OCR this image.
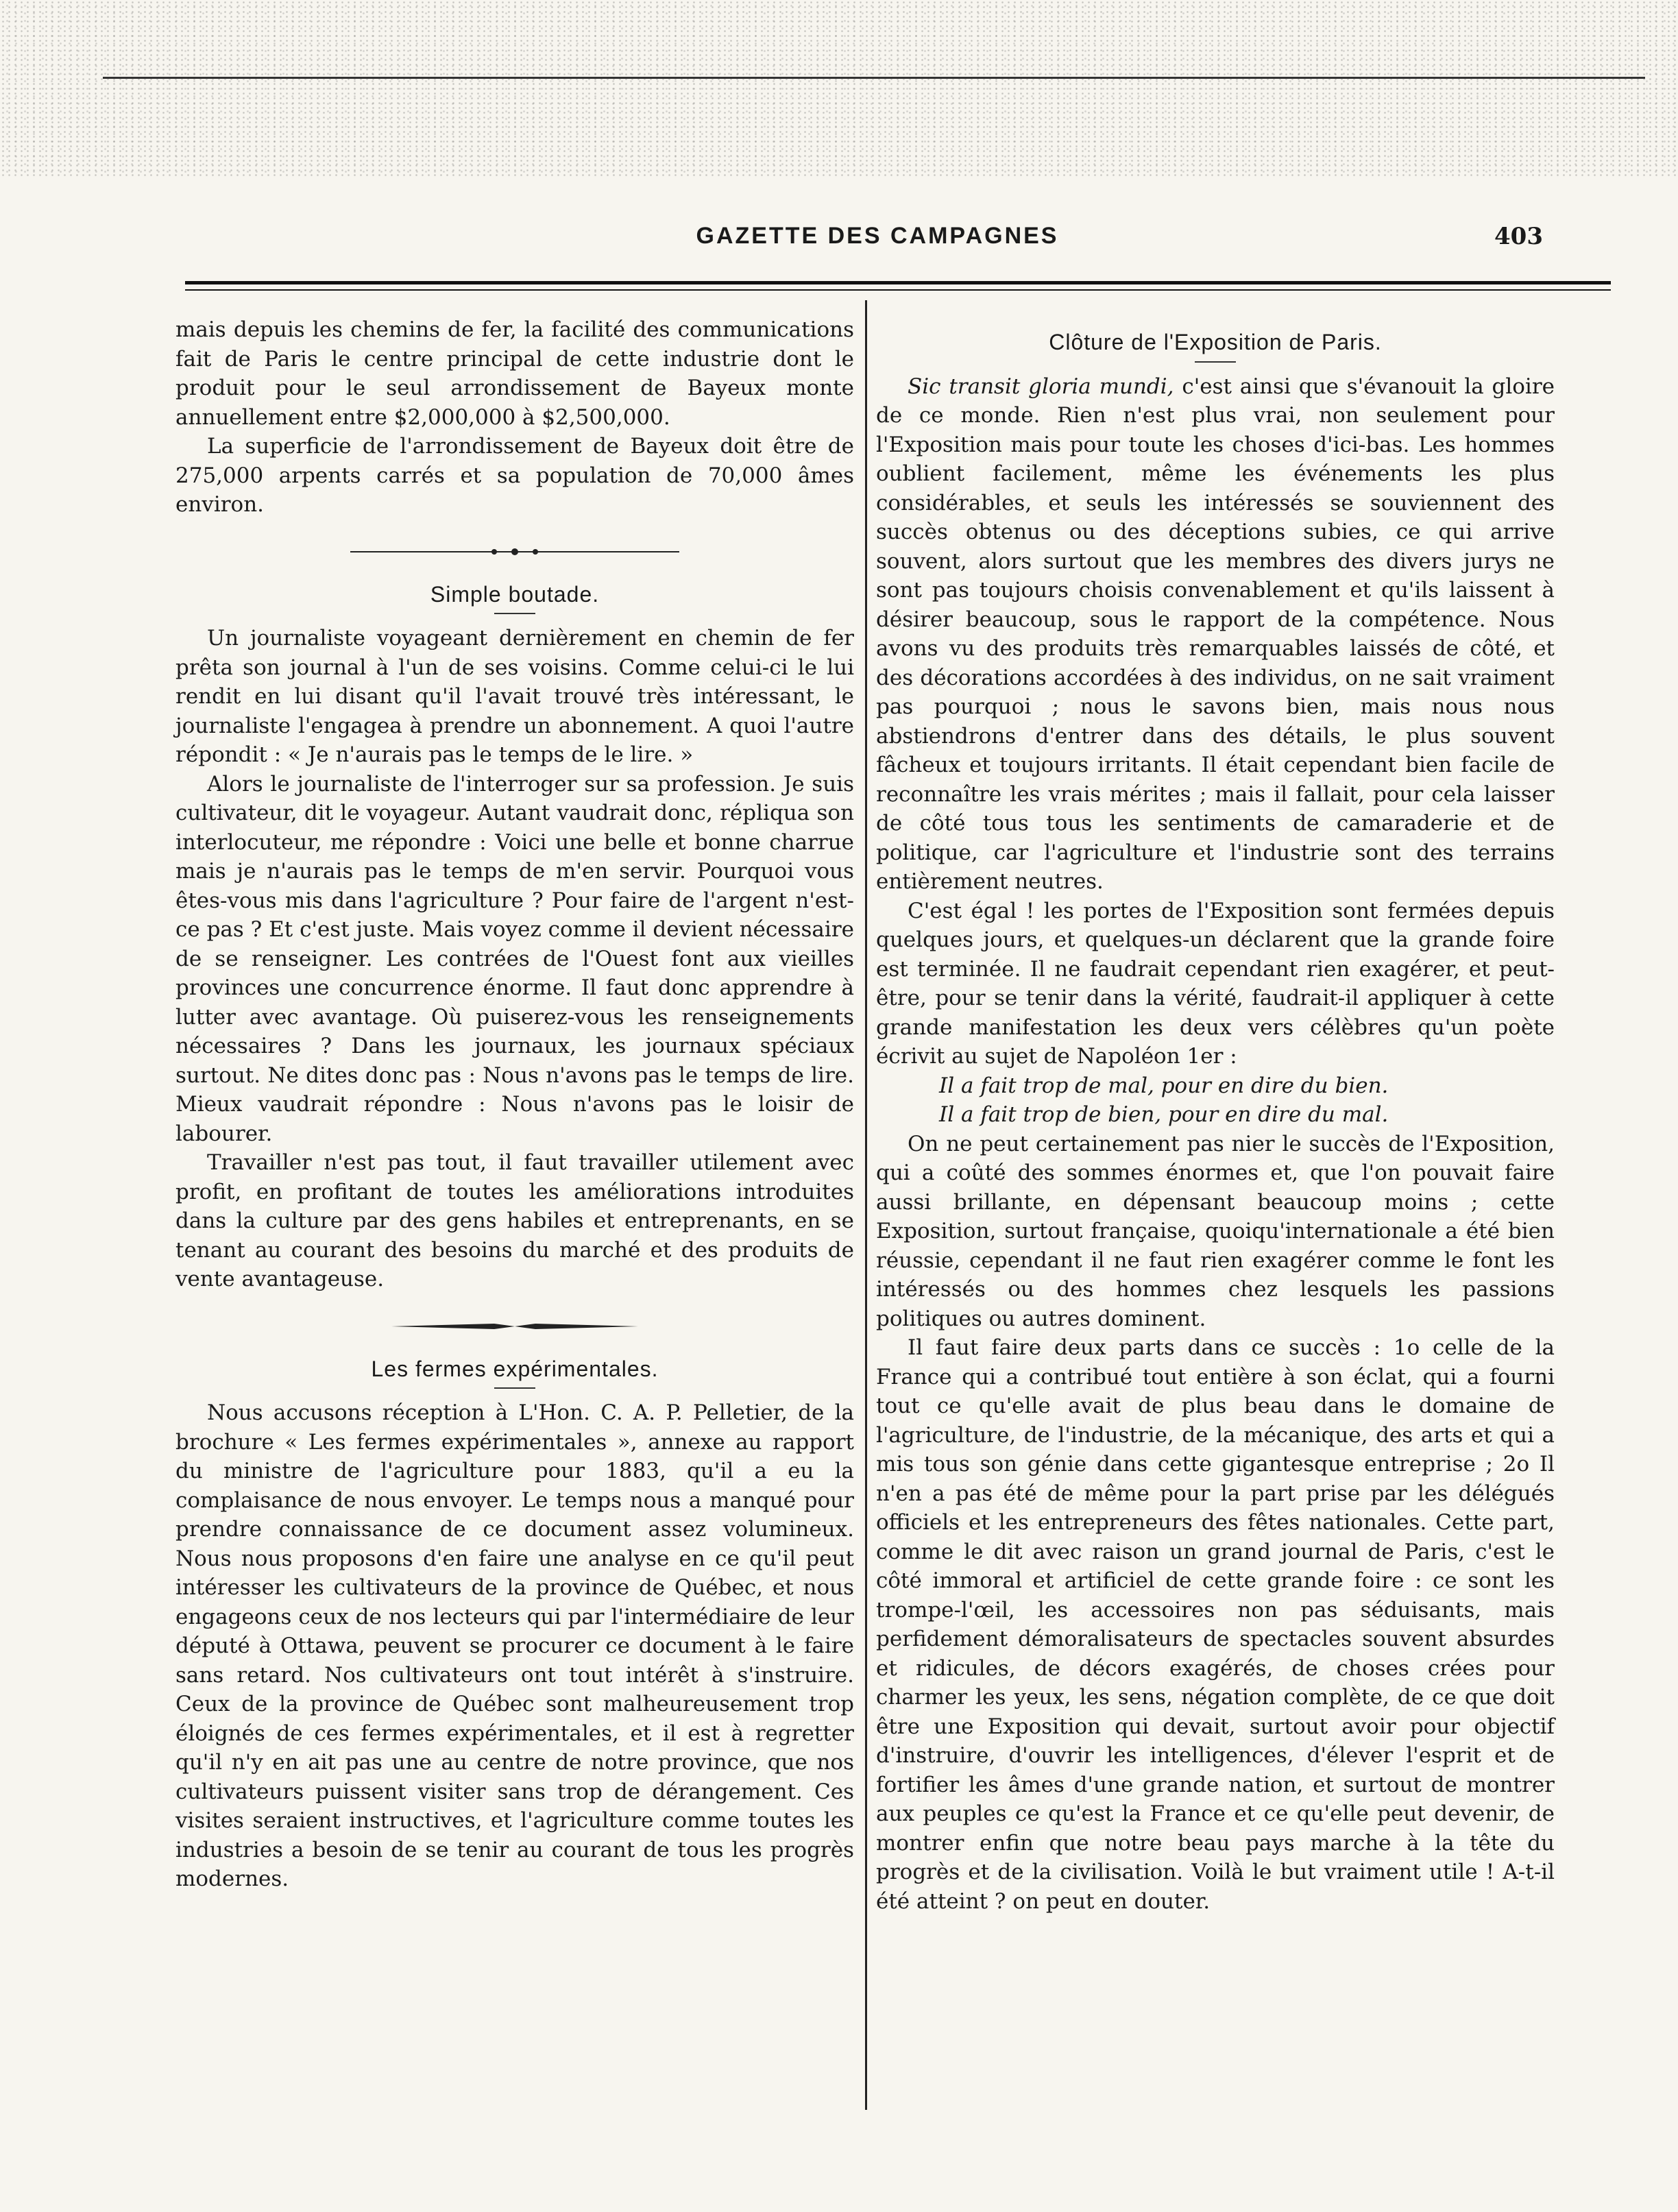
GAZETTE DES CAMPAGNES	403

mais depuis les chemins de fer, la facilité des communications fait de Paris le centre principal de cette industrie dont le produit pour le seul arrondissement de Bayeux monte annuellement entre $2,000,000 à $2,500,000.

La superficie de l'arrondissement de Bayeux doit être de 275,000 arpents carrés et sa population de 70,000 âmes environ.

Simple boutade.

Un journaliste voyageant dernièrement en chemin de fer prêta son journal à l'un de ses voisins. Comme celui-ci le lui rendit en lui disant qu'il l'avait trouvé très intéressant, le journaliste l'engagea à prendre un abonnement. A quoi l'autre répondit : « Je n'aurais pas le temps de le lire. »

Alors le journaliste de l'interroger sur sa profession. Je suis cultivateur, dit le voyageur. Autant vaudrait donc, répliqua son interlocuteur, me répondre : Voici une belle et bonne charrue mais je n'aurais pas le temps de m'en servir. Pourquoi vous êtes-vous mis dans l'agriculture ? Pour faire de l'argent n'est-ce pas ? Et c'est juste. Mais voyez comme il devient nécessaire de se renseigner. Les contrées de l'Ouest font aux vieilles provinces une concurrence énorme. Il faut donc apprendre à lutter avec avantage. Où puiserez-vous les renseignements nécessaires ? Dans les journaux, les journaux spéciaux surtout. Ne dites donc pas : Nous n'avons pas le temps de lire. Mieux vaudrait répondre : Nous n'avons pas le loisir de labourer.

Travailler n'est pas tout, il faut travailler utilement avec profit, en profitant de toutes les améliorations introduites dans la culture par des gens habiles et entreprenants, en se tenant au courant des besoins du marché et des produits de vente avantageuse.

Les fermes expérimentales.

Nous accusons réception à L'Hon. C. A. P. Pelletier, de la brochure « Les fermes expérimentales », annexe au rapport du ministre de l'agriculture pour 1883, qu'il a eu la complaisance de nous envoyer. Le temps nous a manqué pour prendre connaissance de ce document assez volumineux. Nous nous proposons d'en faire une analyse en ce qu'il peut intéresser les cultivateurs de la province de Québec, et nous engageons ceux de nos lecteurs qui par l'intermédiaire de leur député à Ottawa, peuvent se procurer ce document à le faire sans retard. Nos cultivateurs ont tout intérêt à s'instruire. Ceux de la province de Québec sont malheureusement trop éloignés de ces fermes expérimentales, et il est à regretter qu'il n'y en ait pas une au centre de notre province, que nos cultivateurs puissent visiter sans trop de dérangement. Ces visites seraient instructives, et l'agriculture comme toutes les industries a besoin de se tenir au courant de tous les progrès modernes.

Clôture de l'Exposition de Paris.

Sic transit gloria mundi, c'est ainsi que s'évanouit la gloire de ce monde. Rien n'est plus vrai, non seulement pour l'Exposition mais pour toute les choses d'ici-bas. Les hommes oublient facilement, même les événements les plus considérables, et seuls les intéressés se souviennent des succès obtenus ou des déceptions subies, ce qui arrive souvent, alors surtout que les membres des divers jurys ne sont pas toujours choisis convenablement et qu'ils laissent à désirer beaucoup, sous le rapport de la compétence. Nous avons vu des produits très remarquables laissés de côté, et des décorations accordées à des individus, on ne sait vraiment pas pourquoi ; nous le savons bien, mais nous nous abstiendrons d'entrer dans des détails, le plus souvent fâcheux et toujours irritants. Il était cependant bien facile de reconnaître les vrais mérites ; mais il fallait, pour cela laisser de côté tous tous les sentiments de camaraderie et de politique, car l'agriculture et l'industrie sont des terrains entièrement neutres.

C'est égal ! les portes de l'Exposition sont fermées depuis quelques jours, et quelques-un déclarent que la grande foire est terminée. Il ne faudrait cependant rien exagérer, et peut-être, pour se tenir dans la vérité, faudrait-il appliquer à cette grande manifestation les deux vers célèbres qu'un poète écrivit au sujet de Napoléon 1er :

Il a fait trop de mal, pour en dire du bien.

Il a fait trop de bien, pour en dire du mal.

On ne peut certainement pas nier le succès de l'Exposition, qui a coûté des sommes énormes et, que l'on pouvait faire aussi brillante, en dépensant beaucoup moins ; cette Exposition, surtout française, quoiqu'internationale a été bien réussie, cependant il ne faut rien exagérer comme le font les intéressés ou des hommes chez lesquels les passions politiques ou autres dominent.

Il faut faire deux parts dans ce succès : 1o celle de la France qui a contribué tout entière à son éclat, qui a fourni tout ce qu'elle avait de plus beau dans le domaine de l'agriculture, de l'industrie, de la mécanique, des arts et qui a mis tous son génie dans cette gigantesque entreprise ; 2o Il n'en a pas été de même pour la part prise par les délégués officiels et les entrepreneurs des fêtes nationales. Cette part, comme le dit avec raison un grand journal de Paris, c'est le côté immoral et artificiel de cette grande foire : ce sont les trompe-l'œil, les accessoires non pas séduisants, mais perfidement démoralisateurs de spectacles souvent absurdes et ridicules, de décors exagérés, de choses crées pour charmer les yeux, les sens, négation complète, de ce que doit être une Exposition qui devait, surtout avoir pour objectif d'instruire, d'ouvrir les intelligences, d'élever l'esprit et de fortifier les âmes d'une grande nation, et surtout de montrer aux peuples ce qu'est la France et ce qu'elle peut devenir, de montrer enfin que notre beau pays marche à la tête du progrès et de la civilisation. Voilà le but vraiment utile ! A-t-il été atteint ? on peut en douter.
